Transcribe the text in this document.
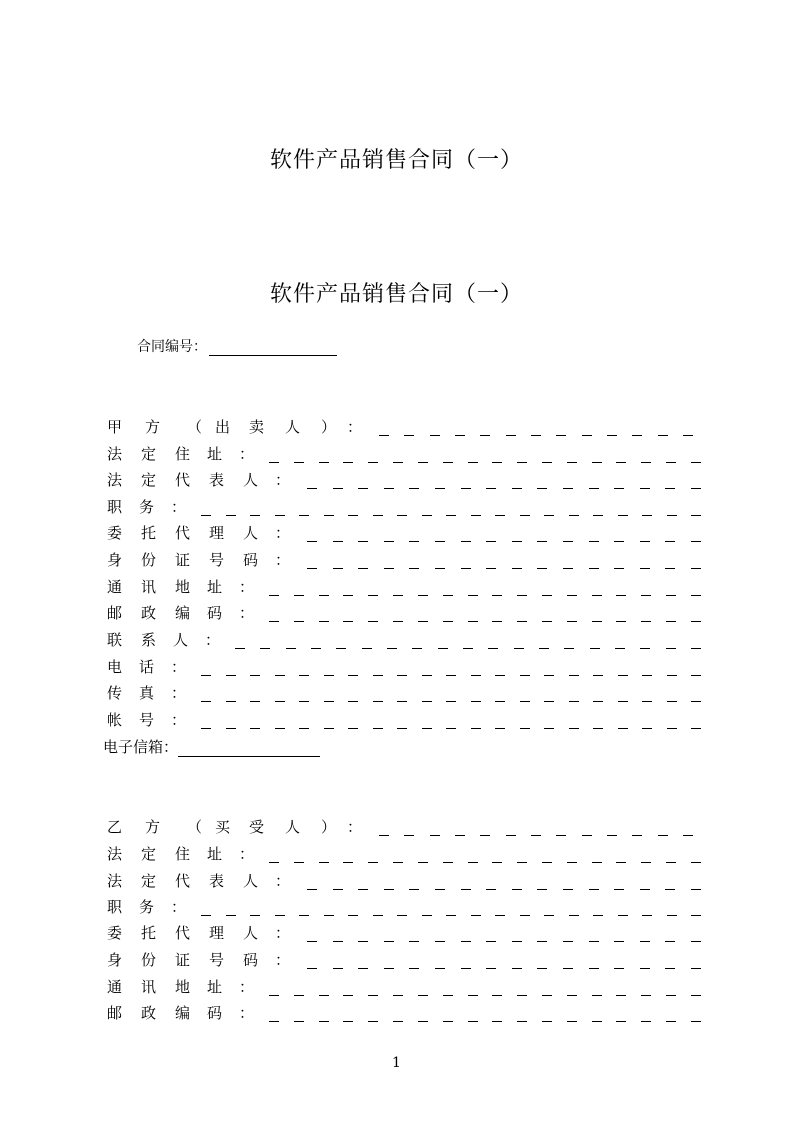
软件产品销售合同（一）
软件产品销售合同（一）
合同编号：
甲 方 （ 出 卖 人 ） ：
法 定 住 址 ：
法 定 代 表 人 ：
职 务 ：
委 托 代 理 人 ：
身 份 证 号 码 ：
通 讯 地 址 ：
邮 政 编 码 ：
联 系 人 ：
电 话 ：
传 真 ：
帐 号 ：
电子信箱：
乙 方 （ 买 受 人 ） ：
法 定 住 址 ：
法 定 代 表 人 ：
职 务 ：
委 托 代 理 人 ：
身 份 证 号 码 ：
通 讯 地 址 ：
邮 政 编 码 ：
1
